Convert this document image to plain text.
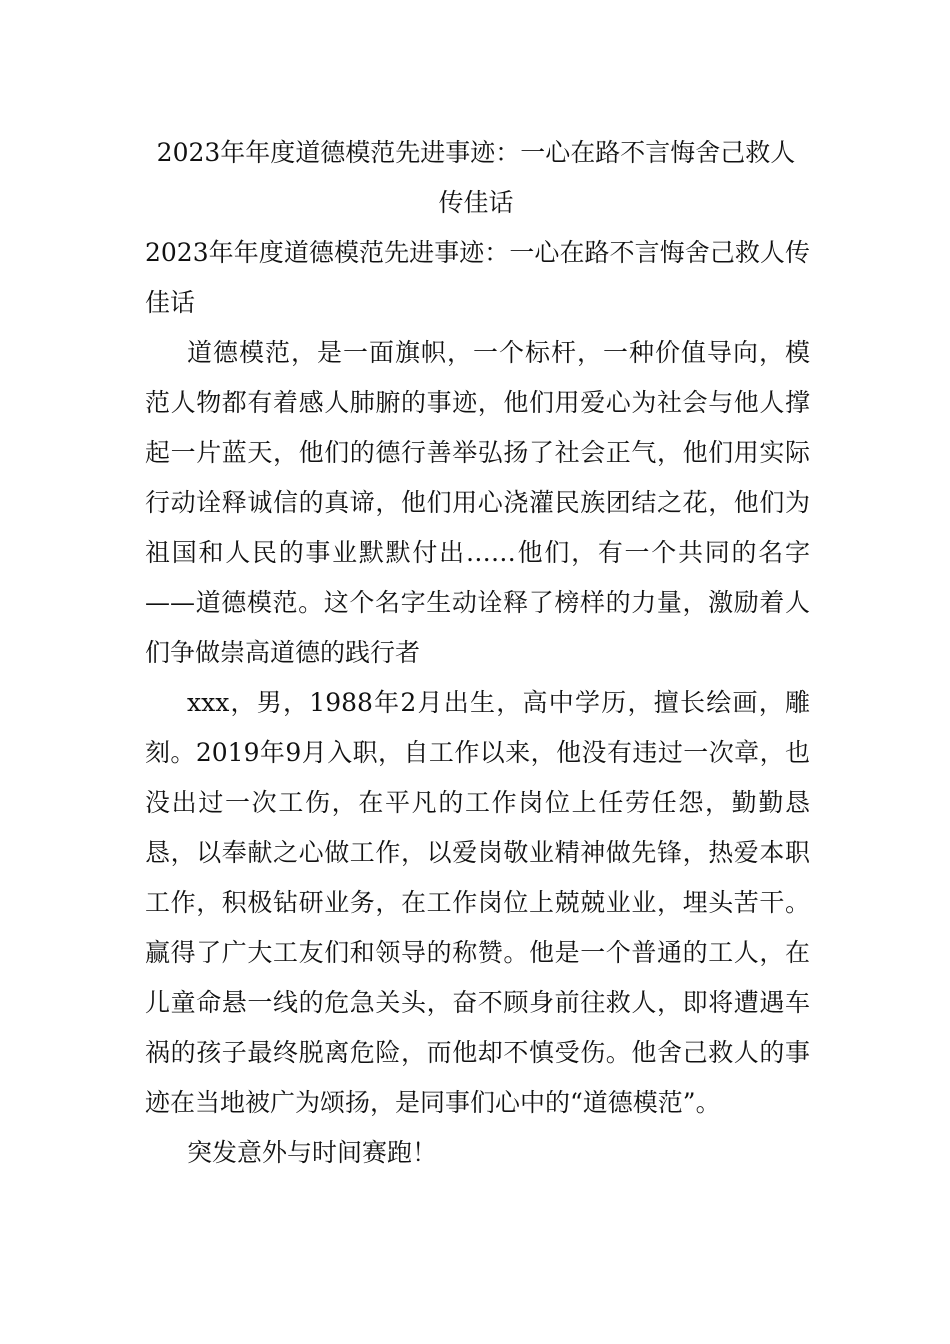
2023年年度道德模范先进事迹：一心在路不言悔舍己救人传佳话

2023年年度道德模范先进事迹：一心在路不言悔舍己救人传佳话

道德模范，是一面旗帜，一个标杆，一种价值导向，模范人物都有着感人肺腑的事迹，他们用爱心为社会与他人撑起一片蓝天，他们的德行善举弘扬了社会正气，他们用实际行动诠释诚信的真谛，他们用心浇灌民族团结之花，他们为祖国和人民的事业默默付出……他们，有一个共同的名字——道德模范。这个名字生动诠释了榜样的力量，激励着人们争做崇高道德的践行者

xxx，男，1988年2月出生，高中学历，擅长绘画，雕刻。2019年9月入职，自工作以来，他没有违过一次章，也没出过一次工伤，在平凡的工作岗位上任劳任怨，勤勤恳恳，以奉献之心做工作，以爱岗敬业精神做先锋，热爱本职工作，积极钻研业务，在工作岗位上兢兢业业，埋头苦干。赢得了广大工友们和领导的称赞。他是一个普通的工人，在儿童命悬一线的危急关头，奋不顾身前往救人，即将遭遇车祸的孩子最终脱离危险，而他却不慎受伤。他舍己救人的事迹在当地被广为颂扬，是同事们心中的“道德模范”。

突发意外与时间赛跑！
